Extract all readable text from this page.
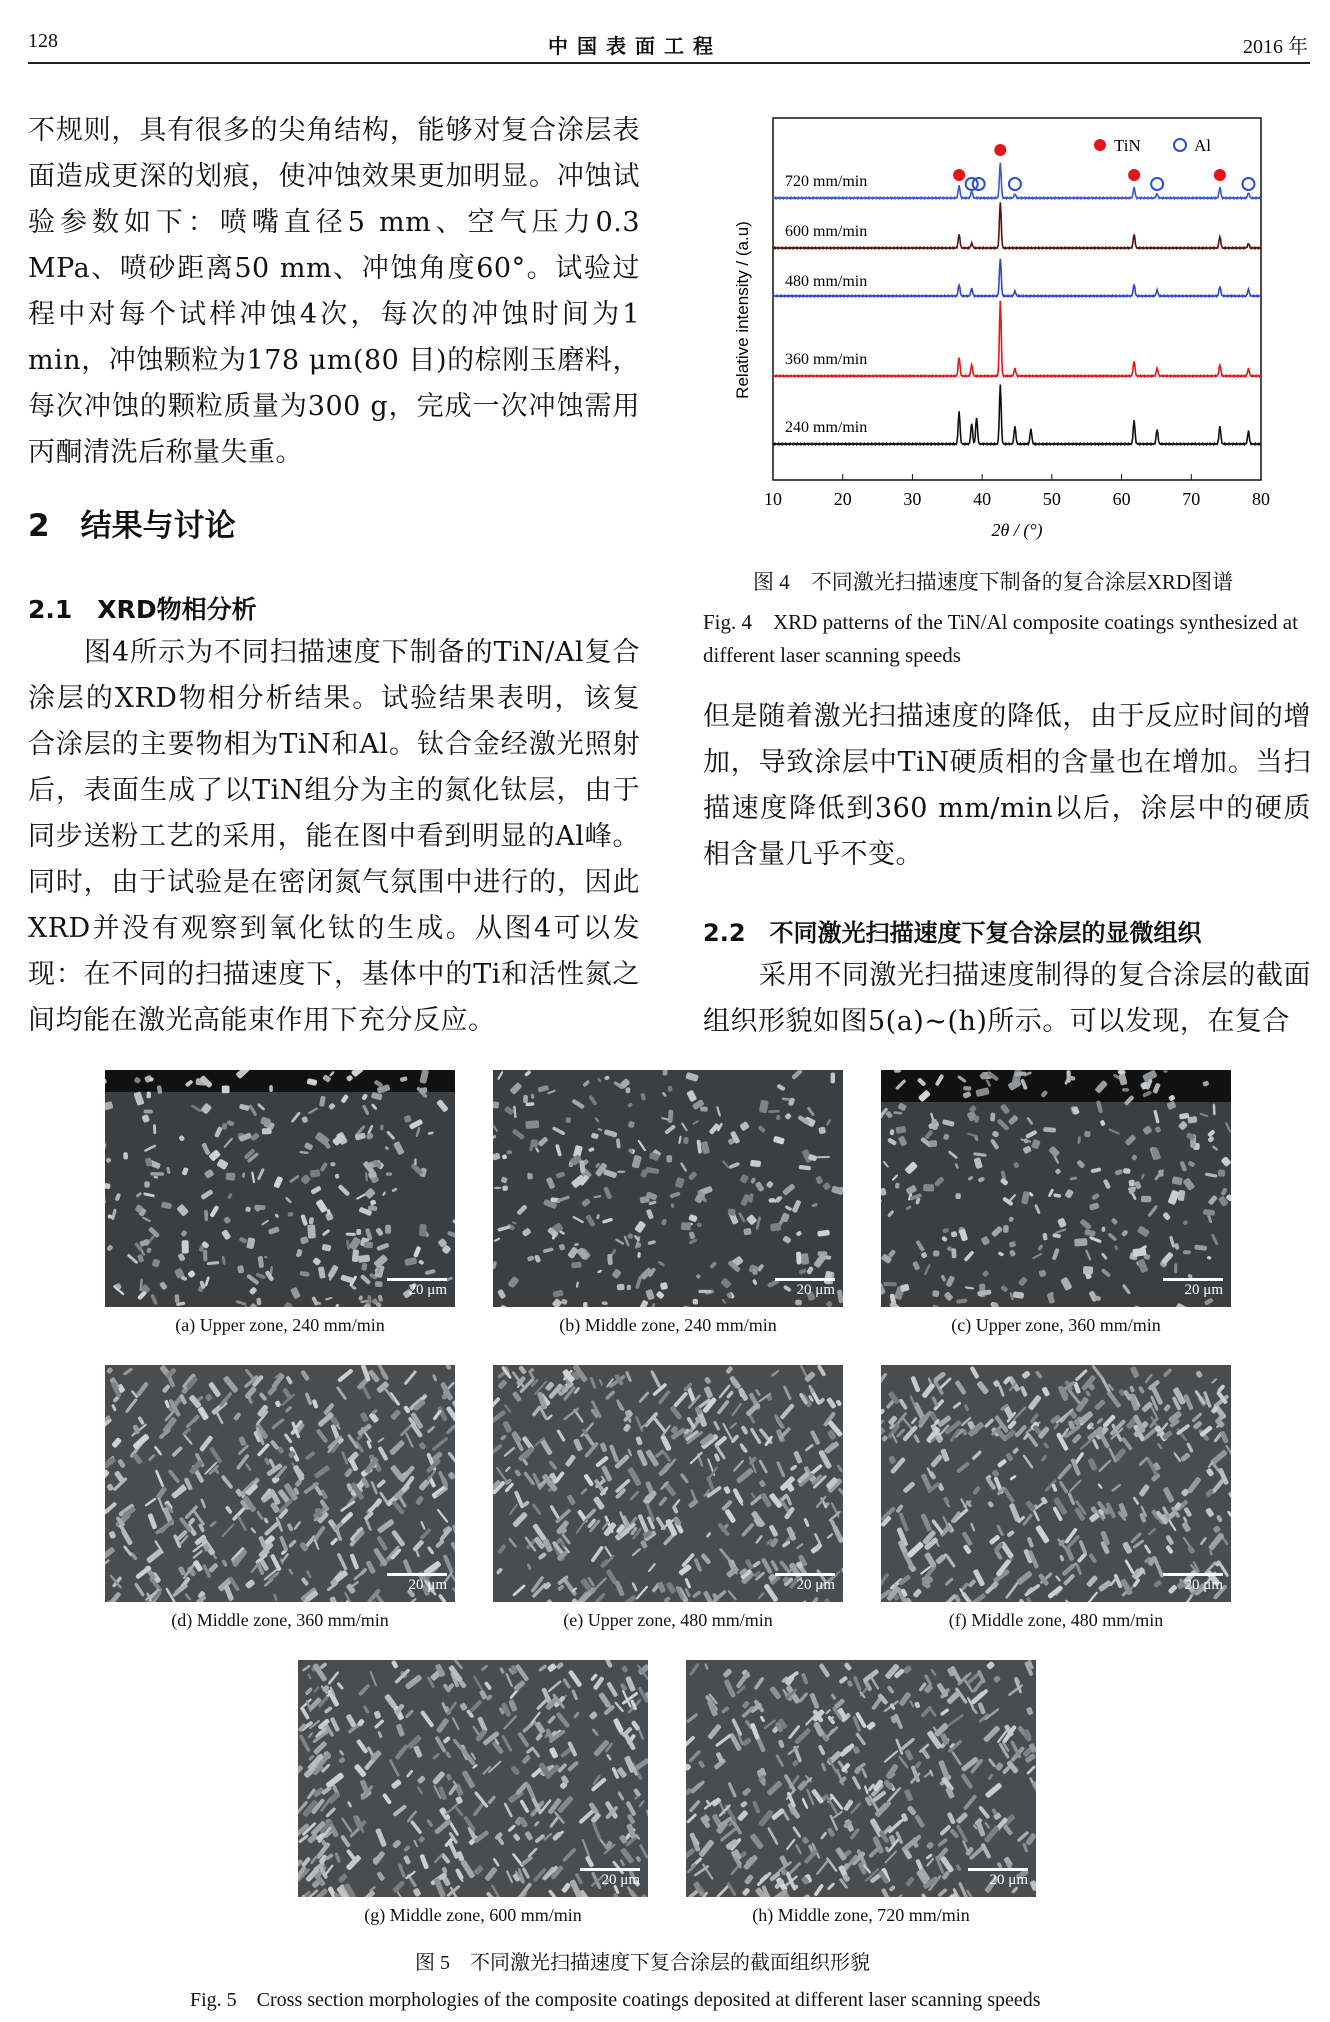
128	中 国 表 面 工 程	2016 年

不规则，具有很多的尖角结构，能够对复合涂层表面造成更深的划痕，使冲蚀效果更加明显。冲蚀试验参数如下：喷嘴直径5 mm、空气压力0.3 MPa、喷砂距离50 mm、冲蚀角度60°。试验过程中对每个试样冲蚀4次，每次的冲蚀时间为1 min，冲蚀颗粒为178 μm(80 目)的棕刚玉磨料，每次冲蚀的颗粒质量为300 g，完成一次冲蚀需用丙酮清洗后称量失重。

2　结果与讨论
2.1　XRD物相分析

图4所示为不同扫描速度下制备的TiN/Al复合涂层的XRD物相分析结果。试验结果表明，该复合涂层的主要物相为TiN和Al。钛合金经激光照射后，表面生成了以TiN组分为主的氮化钛层，由于同步送粉工艺的采用，能在图中看到明显的Al峰。同时，由于试验是在密闭氮气氛围中进行的，因此XRD并没有观察到氧化钛的生成。从图4可以发现：在不同的扫描速度下，基体中的Ti和活性氮之间均能在激光高能束作用下充分反应。

720 mm/min
600 mm/min
480 mm/min
360 mm/min
240 mm/min
10	20	30	40	50	60	70	80
TiN	Al
Relative intensity / (a.u)
2θ / (°)
图 4　不同激光扫描速度下制备的复合涂层XRD图谱
Fig. 4　XRD patterns of the TiN/Al composite coatings synthesized at different laser scanning speeds

但是随着激光扫描速度的降低，由于反应时间的增加，导致涂层中TiN硬质相的含量也在增加。当扫描速度降低到360 mm/min以后，涂层中的硬质相含量几乎不变。

2.2　不同激光扫描速度下复合涂层的显微组织

采用不同激光扫描速度制得的复合涂层的截面组织形貌如图5(a)~(h)所示。可以发现，在复合

20 μm
(a) Upper zone, 240 mm/min
20 μm
(b) Middle zone, 240 mm/min
20 μm
(c) Upper zone, 360 mm/min
20 μm
(d) Middle zone, 360 mm/min
20 μm
(e) Upper zone, 480 mm/min
20 μm
(f) Middle zone, 480 mm/min
20 μm
(g) Middle zone, 600 mm/min
20 μm
(h) Middle zone, 720 mm/min
图 5　不同激光扫描速度下复合涂层的截面组织形貌
Fig. 5　Cross section morphologies of the composite coatings deposited at different laser scanning speeds
